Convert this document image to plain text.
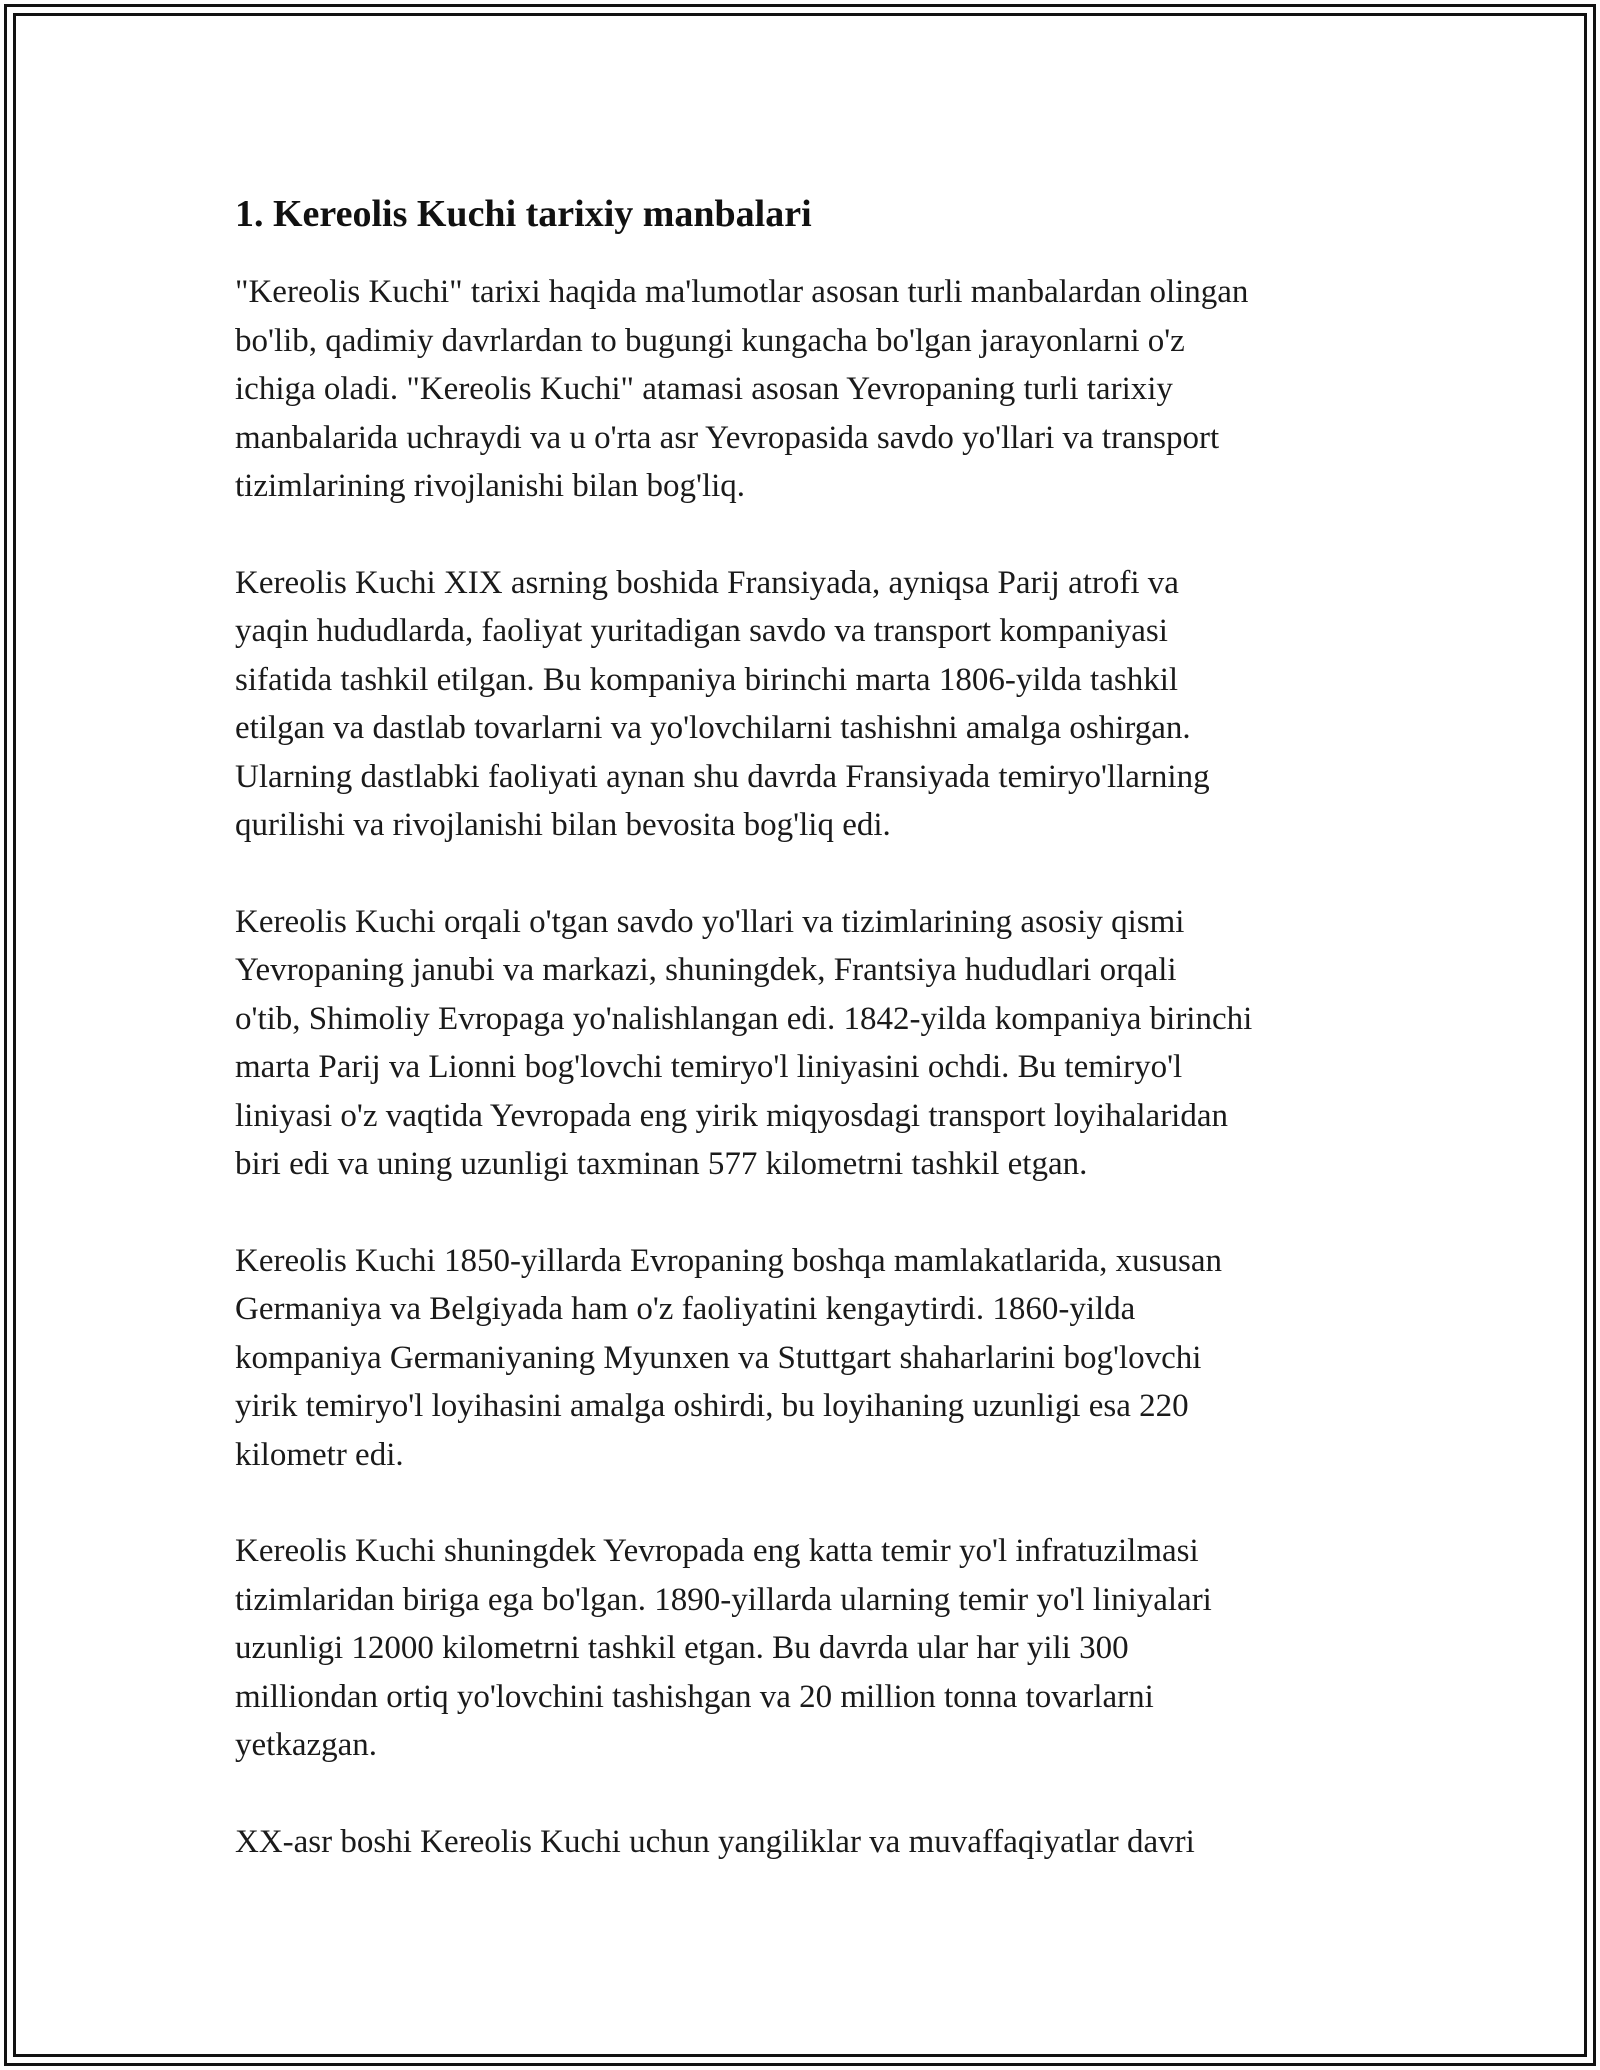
1. Kereolis Kuchi tarixiy manbalari

"Kereolis Kuchi" tarixi haqida ma'lumotlar asosan turli manbalardan olingan
bo'lib, qadimiy davrlardan to bugungi kungacha bo'lgan jarayonlarni o'z
ichiga oladi. "Kereolis Kuchi" atamasi asosan Yevropaning turli tarixiy
manbalarida uchraydi va u o'rta asr Yevropasida savdo yo'llari va transport
tizimlarining rivojlanishi bilan bog'liq.

Kereolis Kuchi XIX asrning boshida Fransiyada, ayniqsa Parij atrofi va
yaqin hududlarda, faoliyat yuritadigan savdo va transport kompaniyasi
sifatida tashkil etilgan. Bu kompaniya birinchi marta 1806-yilda tashkil
etilgan va dastlab tovarlarni va yo'lovchilarni tashishni amalga oshirgan.
Ularning dastlabki faoliyati aynan shu davrda Fransiyada temiryo'llarning
qurilishi va rivojlanishi bilan bevosita bog'liq edi.

Kereolis Kuchi orqali o'tgan savdo yo'llari va tizimlarining asosiy qismi
Yevropaning janubi va markazi, shuningdek, Frantsiya hududlari orqali
o'tib, Shimoliy Evropaga yo'nalishlangan edi. 1842-yilda kompaniya birinchi
marta Parij va Lionni bog'lovchi temiryo'l liniyasini ochdi. Bu temiryo'l
liniyasi o'z vaqtida Yevropada eng yirik miqyosdagi transport loyihalaridan
biri edi va uning uzunligi taxminan 577 kilometrni tashkil etgan.

Kereolis Kuchi 1850-yillarda Evropaning boshqa mamlakatlarida, xususan
Germaniya va Belgiyada ham o'z faoliyatini kengaytirdi. 1860-yilda
kompaniya Germaniyaning Myunxen va Stuttgart shaharlarini bog'lovchi
yirik temiryo'l loyihasini amalga oshirdi, bu loyihaning uzunligi esa 220
kilometr edi.

Kereolis Kuchi shuningdek Yevropada eng katta temir yo'l infratuzilmasi
tizimlaridan biriga ega bo'lgan. 1890-yillarda ularning temir yo'l liniyalari
uzunligi 12000 kilometrni tashkil etgan. Bu davrda ular har yili 300
milliondan ortiq yo'lovchini tashishgan va 20 million tonna tovarlarni
yetkazgan.

XX-asr boshi Kereolis Kuchi uchun yangiliklar va muvaffaqiyatlar davri
